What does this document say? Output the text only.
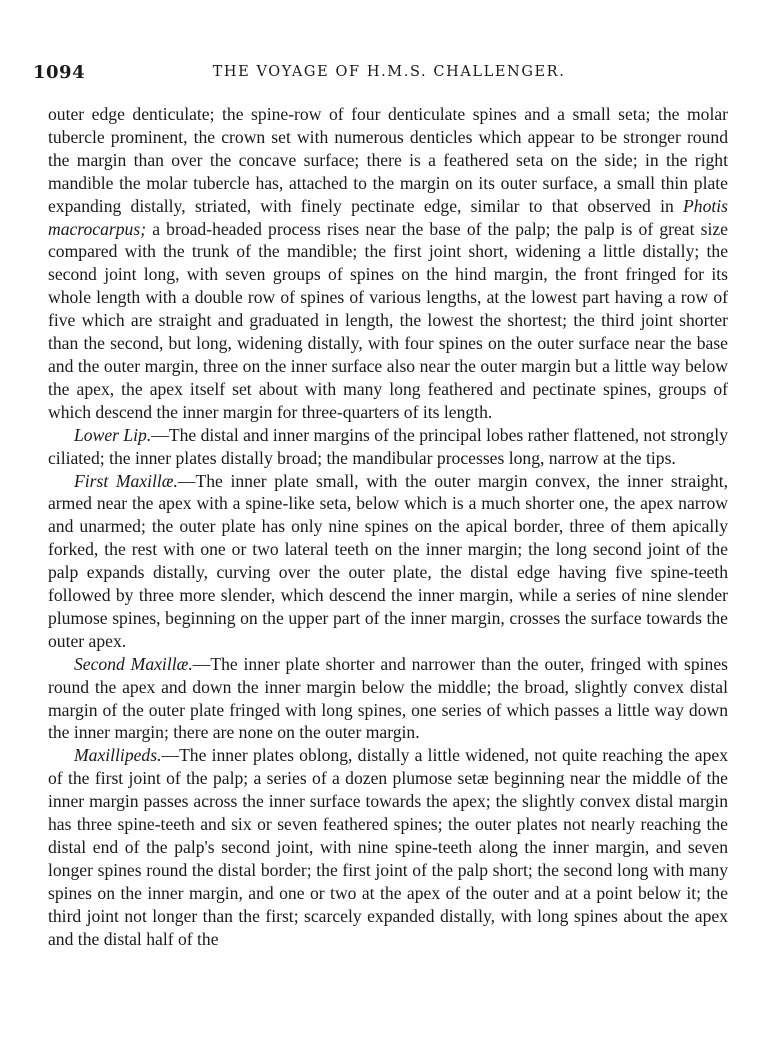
1094	THE VOYAGE OF H.M.S. CHALLENGER.

outer edge denticulate; the spine-row of four denticulate spines and a small seta; the molar tubercle prominent, the crown set with numerous denticles which appear to be stronger round the margin than over the concave surface; there is a feathered seta on the side; in the right mandible the molar tubercle has, attached to the margin on its outer surface, a small thin plate expanding distally, striated, with finely pectinate edge, similar to that observed in Photis macrocarpus; a broad-headed process rises near the base of the palp; the palp is of great size compared with the trunk of the mandible; the first joint short, widening a little distally; the second joint long, with seven groups of spines on the hind margin, the front fringed for its whole length with a double row of spines of various lengths, at the lowest part having a row of five which are straight and graduated in length, the lowest the shortest; the third joint shorter than the second, but long, widening distally, with four spines on the outer surface near the base and the outer margin, three on the inner surface also near the outer margin but a little way below the apex, the apex itself set about with many long feathered and pectinate spines, groups of which descend the inner margin for three-quarters of its length.

Lower Lip.—The distal and inner margins of the principal lobes rather flattened, not strongly ciliated; the inner plates distally broad; the mandibular processes long, narrow at the tips.

First Maxillæ.—The inner plate small, with the outer margin convex, the inner straight, armed near the apex with a spine-like seta, below which is a much shorter one, the apex narrow and unarmed; the outer plate has only nine spines on the apical border, three of them apically forked, the rest with one or two lateral teeth on the inner margin; the long second joint of the palp expands distally, curving over the outer plate, the distal edge having five spine-teeth followed by three more slender, which descend the inner margin, while a series of nine slender plumose spines, beginning on the upper part of the inner margin, crosses the surface towards the outer apex.

Second Maxillæ.—The inner plate shorter and narrower than the outer, fringed with spines round the apex and down the inner margin below the middle; the broad, slightly convex distal margin of the outer plate fringed with long spines, one series of which passes a little way down the inner margin; there are none on the outer margin.

Maxillipeds.—The inner plates oblong, distally a little widened, not quite reaching the apex of the first joint of the palp; a series of a dozen plumose setæ beginning near the middle of the inner margin passes across the inner surface towards the apex; the slightly convex distal margin has three spine-teeth and six or seven feathered spines; the outer plates not nearly reaching the distal end of the palp's second joint, with nine spine-teeth along the inner margin, and seven longer spines round the distal border; the first joint of the palp short; the second long with many spines on the inner margin, and one or two at the apex of the outer and at a point below it; the third joint not longer than the first; scarcely expanded distally, with long spines about the apex and the distal half of the
